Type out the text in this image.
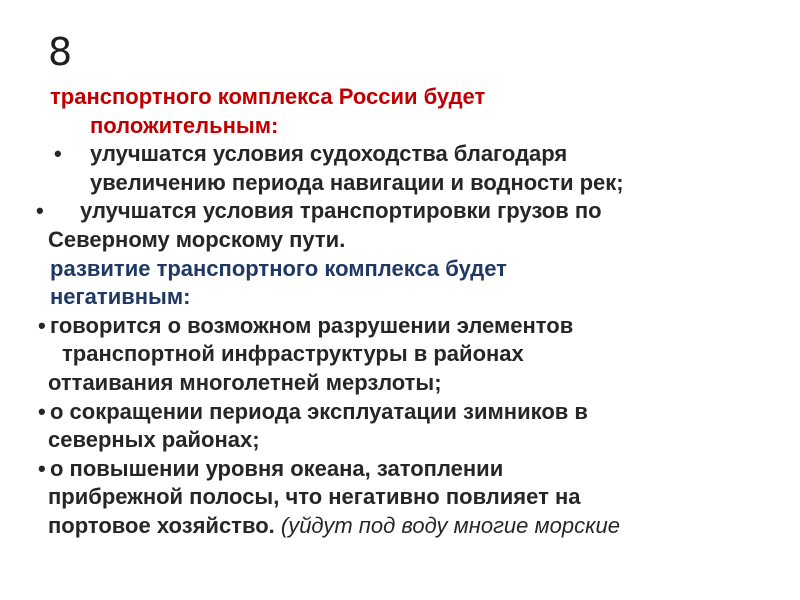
8
транспортного комплекса России будет
положительным:
• улучшатся условия судоходства благодаря
увеличению периода навигации и водности рек;
• улучшатся условия транспортировки грузов по
Северному морскому пути.
развитие транспортного комплекса будет
негативным:
• говорится о возможном разрушении элементов
транспортной инфраструктуры в районах
оттаивания многолетней мерзлоты;
• о сокращении периода эксплуатации зимников в
северных районах;
• о повышении уровня океана, затоплении
прибрежной полосы, что негативно повлияет на
портовое хозяйство. (уйдут под воду многие морские
